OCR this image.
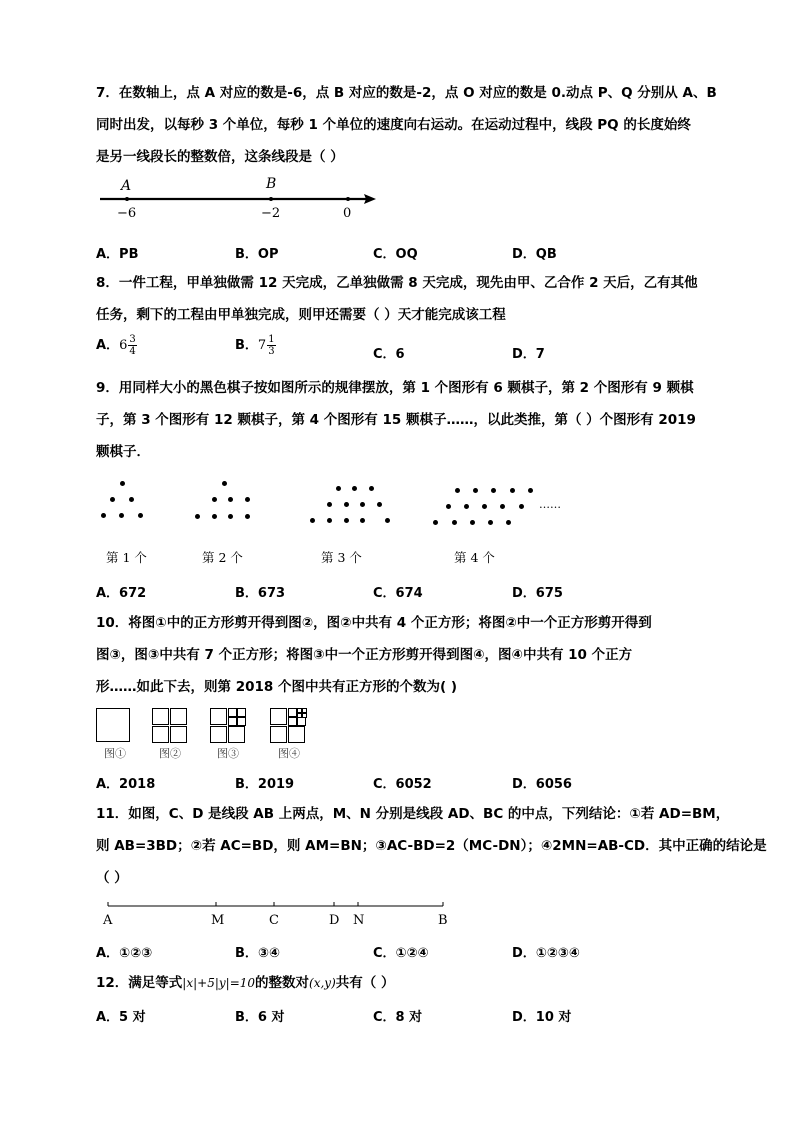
7．在数轴上，点 A 对应的数是-6，点 B 对应的数是-2，点 O 对应的数是 0.动点 P、Q 分别从 A、B
同时出发，以每秒 3 个单位，每秒 1 个单位的速度向右运动。在运动过程中，线段 PQ 的长度始终
是另一线段长的整数倍，这条线段是（ ）
A	B
−6	−2	0
A．PB	B．OP	C．OQ	D．QB
8．一件工程，甲单独做需 12 天完成，乙单独做需 8 天完成，现先由甲、乙合作 2 天后，乙有其他
任务，剩下的工程由甲单独完成，则甲还需要（ ）天才能完成该工程
A．$6 \frac{3}{4}$	B．$7 \frac{1}{3}$	C．6	D．7
9．用同样大小的黑色棋子按如图所示的规律摆放，第 1 个图形有 6 颗棋子，第 2 个图形有 9 颗棋
子，第 3 个图形有 12 颗棋子，第 4 个图形有 15 颗棋子……，以此类推，第（ ）个图形有 2019
颗棋子．
……
第 1 个	第 2 个	第 3 个	第 4 个
A．672	B．673	C．674	D．675
10．将图①中的正方形剪开得到图②，图②中共有 4 个正方形；将图②中一个正方形剪开得到
图③，图③中共有 7 个正方形；将图③中一个正方形剪开得到图④，图④中共有 10 个正方
形……如此下去，则第 2018 个图中共有正方形的个数为( )
图①	图②	图③	图④
A．2018	B．2019	C．6052	D．6056
11．如图，C、D 是线段 AB 上两点，M、N 分别是线段 AD、BC 的中点，下列结论：①若 AD=BM，
则 AB=3BD；②若 AC=BD，则 AM=BN；③AC-BD=2（MC-DN）；④2MN=AB-CD．其中正确的结论是
（ ）
A	M	C	D N	B
A．①②③	B．③④	C．①②④	D．①②③④
12．满足等式|x|+5|y|=10的整数对(x,y)共有（ ）
A．5 对	B．6 对	C．8 对	D．10 对
